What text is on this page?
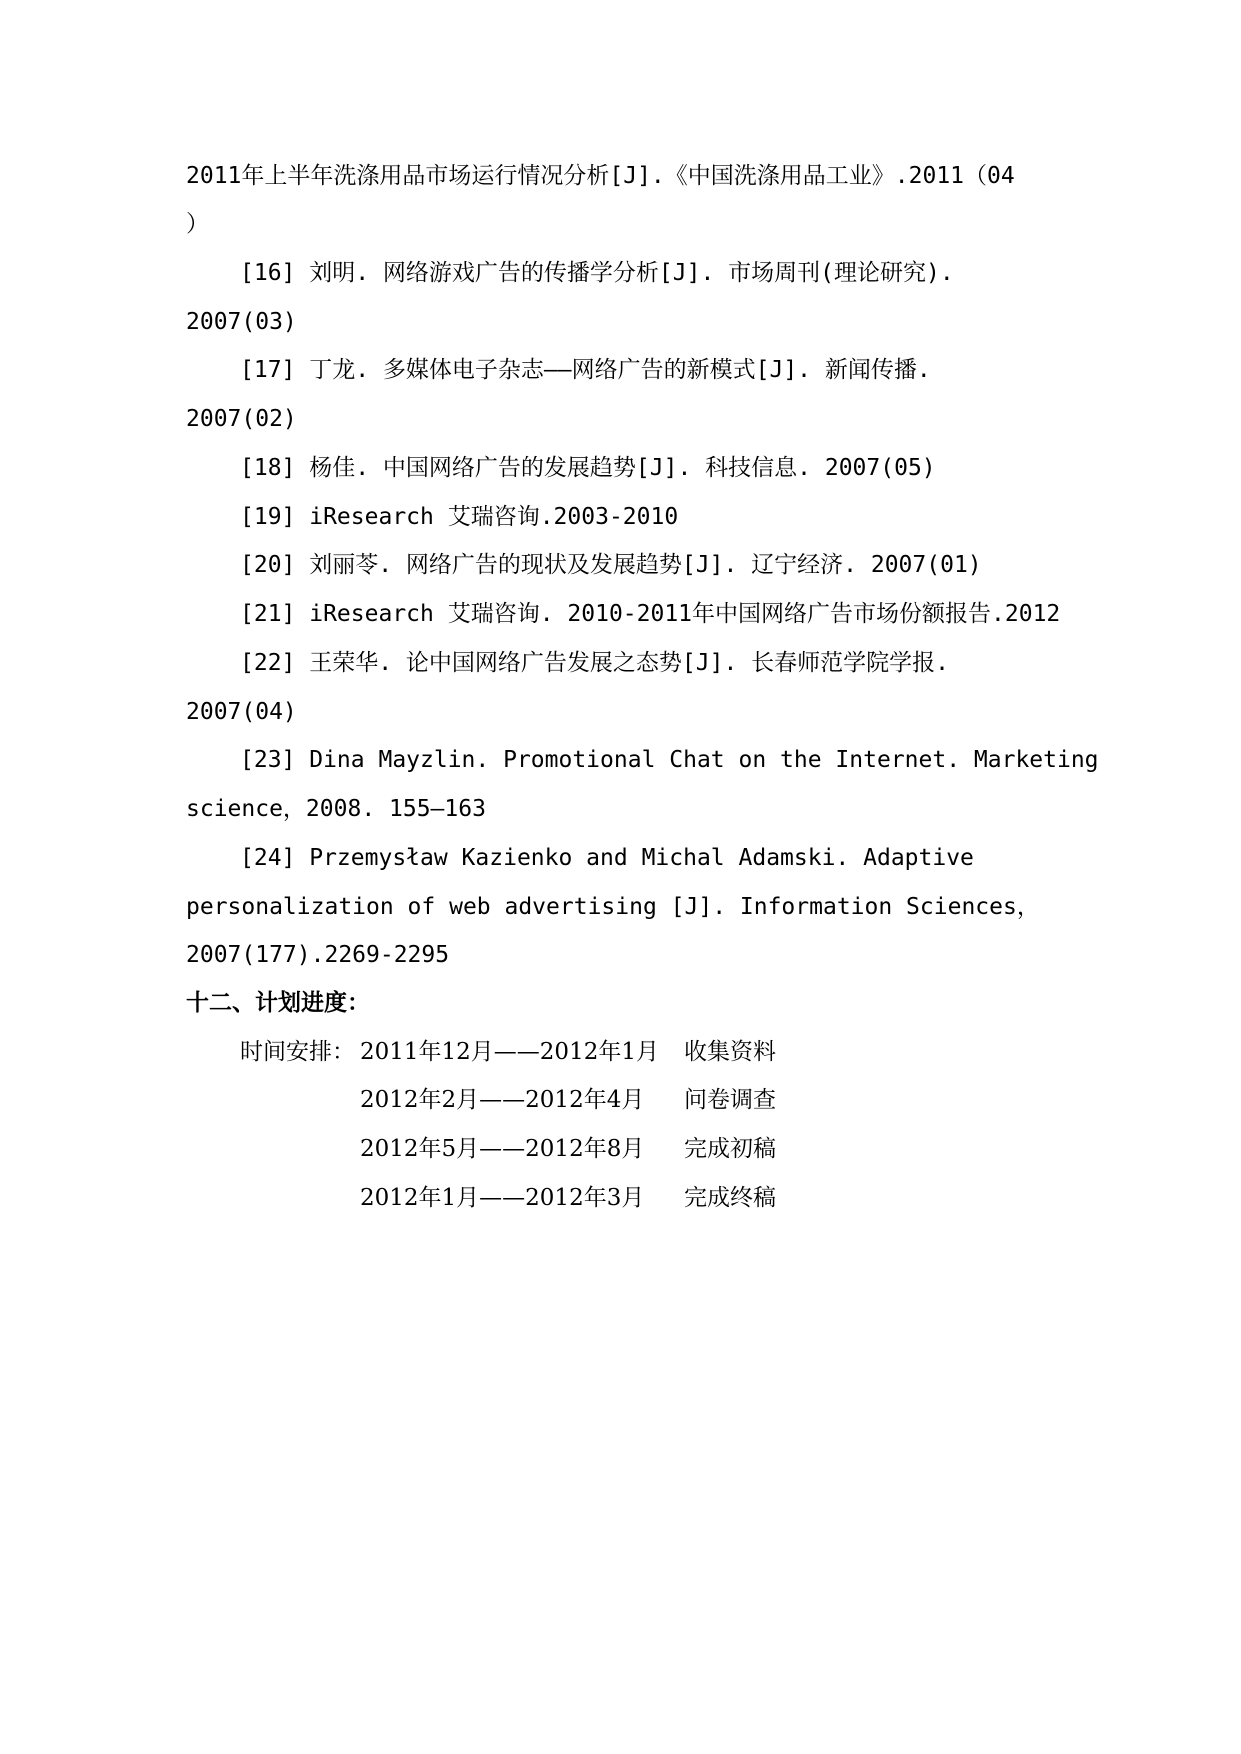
2011年上半年洗涤用品市场运行情况分析[J].《中国洗涤用品工业》.2011（04
）
[16] 刘明. 网络游戏广告的传播学分析[J]. 市场周刊(理论研究).
2007(03)
[17] 丁龙. 多媒体电子杂志——网络广告的新模式[J]. 新闻传播.
2007(02)
[18] 杨佳. 中国网络广告的发展趋势[J]. 科技信息. 2007(05)
[19] iResearch 艾瑞咨询.2003-2010
[20] 刘丽苓. 网络广告的现状及发展趋势[J]. 辽宁经济. 2007(01)
[21] iResearch 艾瑞咨询. 2010-2011年中国网络广告市场份额报告.2012
[22] 王荣华. 论中国网络广告发展之态势[J]. 长春师范学院学报.
2007(04)
[23] Dina Mayzlin. Promotional Chat on the Internet. Marketing
science，2008. 155–163
[24] Przemysław Kazienko and Michal Adamski. Adaptive
personalization of web advertising [J]. Information Sciences，
2007(177).2269-2295
十二、计划进度：
时间安排： 2011年12月——2012年1月 收集资料
2012年2月——2012年4月 问卷调查
2012年5月——2012年8月 完成初稿
2012年1月——2012年3月 完成终稿
